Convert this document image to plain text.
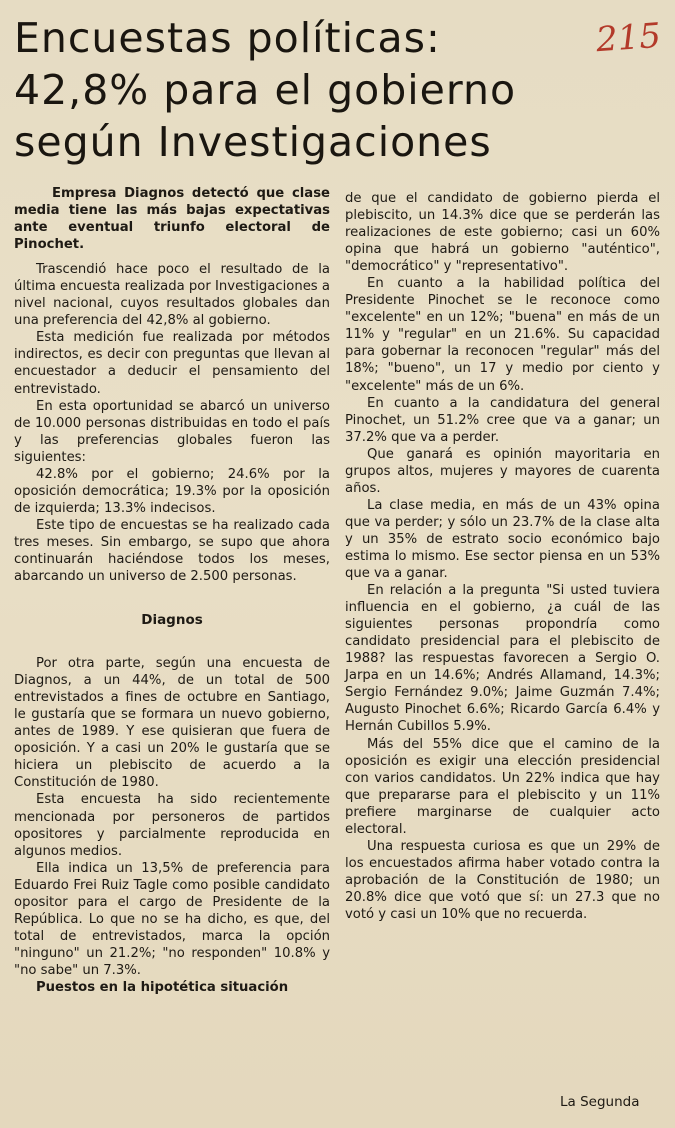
Encuestas políticas:
42,8% para el gobierno
según Investigaciones
215

Empresa Diagnos detectó que clase media tiene las más bajas expectativas ante eventual triunfo electoral de Pinochet.

Trascendió hace poco el resultado de la última encuesta realizada por Investigaciones a nivel nacional, cuyos resultados globales dan una preferencia del 42,8% al gobierno.

Esta medición fue realizada por métodos indirectos, es decir con preguntas que llevan al encuestador a deducir el pensamiento del entrevistado.

En esta oportunidad se abarcó un universo de 10.000 personas distribuidas en todo el país y las preferencias globales fueron las siguientes:

42.8% por el gobierno; 24.6% por la oposición democrática; 19.3% por la oposición de izquierda; 13.3% indecisos.

Este tipo de encuestas se ha realizado cada tres meses. Sin embargo, se supo que ahora continuarán haciéndose todos los meses, abarcando un universo de 2.500 personas.

Diagnos

Por otra parte, según una encuesta de Diagnos, a un 44%, de un total de 500 entrevistados a fines de octubre en Santiago, le gustaría que se formara un nuevo gobierno, antes de 1989. Y ese quisieran que fuera de oposición. Y a casi un 20% le gustaría que se hiciera un plebiscito de acuerdo a la Constitución de 1980.

Esta encuesta ha sido recientemente mencionada por personeros de partidos opositores y parcialmente reproducida en algunos medios.

Ella indica un 13,5% de preferencia para Eduardo Frei Ruiz Tagle como posible candidato opositor para el cargo de Presidente de la República. Lo que no se ha dicho, es que, del total de entrevistados, marca la opción "ninguno" un 21.2%; "no responden" 10.8% y "no sabe" un 7.3%.

Puestos en la hipotética situación

de que el candidato de gobierno pierda el plebiscito, un 14.3% dice que se perderán las realizaciones de este gobierno; casi un 60% opina que habrá un gobierno "auténtico", "democrático" y "representativo".

En cuanto a la habilidad política del Presidente Pinochet se le reconoce como "excelente" en un 12%; "buena" en más de un 11% y "regular" en un 21.6%. Su capacidad para gobernar la reconocen "regular" más del 18%; "bueno", un 17 y medio por ciento y "excelente" más de un 6%.

En cuanto a la candidatura del general Pinochet, un 51.2% cree que va a ganar; un 37.2% que va a perder.

Que ganará es opinión mayoritaria en grupos altos, mujeres y mayores de cuarenta años.

La clase media, en más de un 43% opina que va perder; y sólo un 23.7% de la clase alta y un 35% de estrato socio económico bajo estima lo mismo. Ese sector piensa en un 53% que va a ganar.

En relación a la pregunta "Si usted tuviera influencia en el gobierno, ¿a cuál de las siguientes personas propondría como candidato presidencial para el plebiscito de 1988? las respuestas favorecen a Sergio O. Jarpa en un 14.6%; Andrés Allamand, 14.3%; Sergio Fernández 9.0%; Jaime Guzmán 7.4%; Augusto Pinochet 6.6%; Ricardo García 6.4% y Hernán Cubillos 5.9%.

Más del 55% dice que el camino de la oposición es exigir una elección presidencial con varios candidatos. Un 22% indica que hay que prepararse para el plebiscito y un 11% prefiere marginarse de cualquier acto electoral.

Una respuesta curiosa es que un 29% de los encuestados afirma haber votado contra la aprobación de la Constitución de 1980; un 20.8% dice que votó que sí: un 27.3 que no votó y casi un 10% que no recuerda.

La Segunda
